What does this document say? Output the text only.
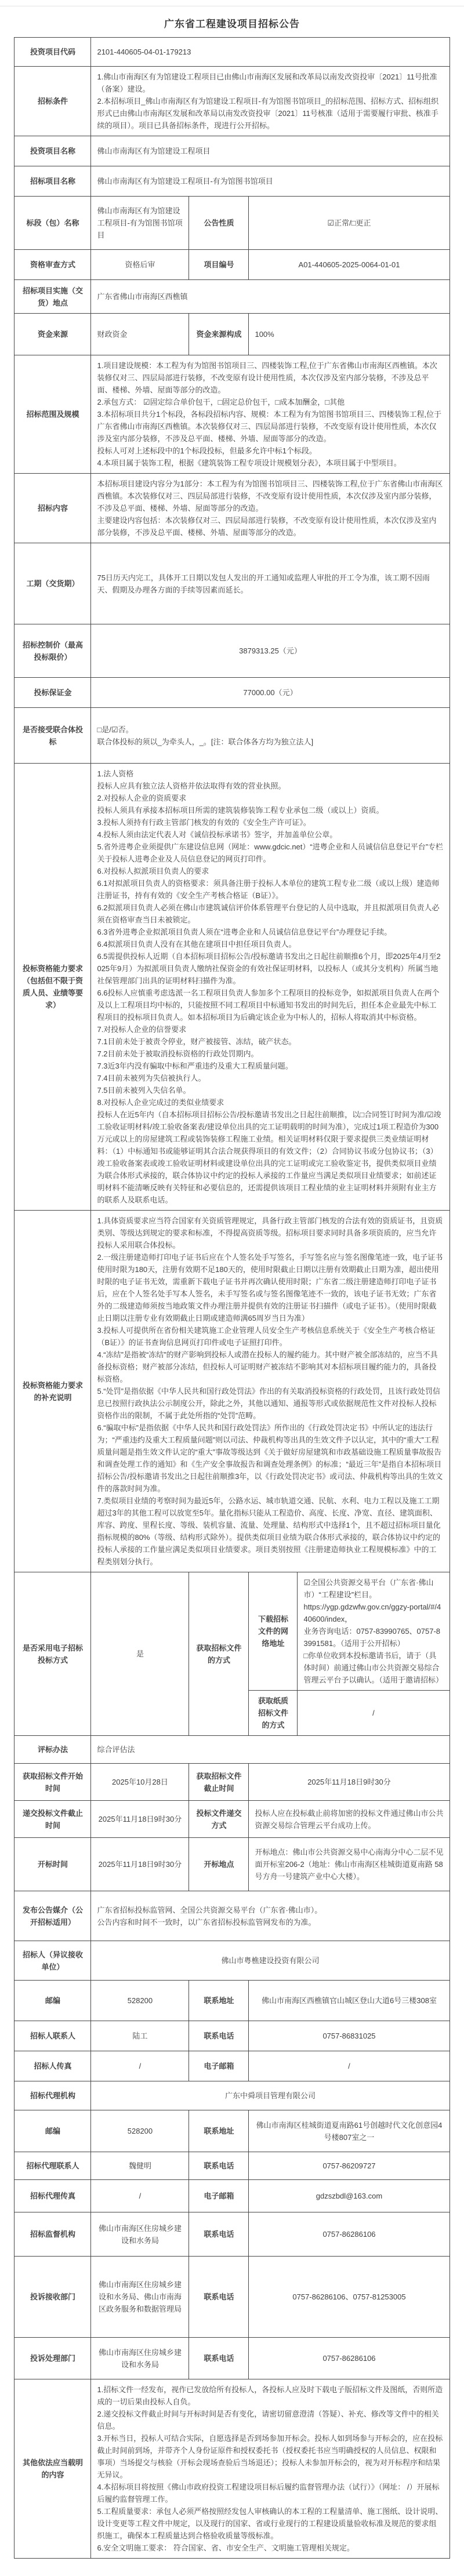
广东省工程建设项目招标公告
投资项目代码	2101-440605-04-01-179213			

招标条件	1.佛山市南海区有为馆建设工程项目已由佛山市南海区发展和改革局以南发改资投审〔2021〕11号批准（备案）建设。
2.本招标项目_佛山市南海区有为馆建设工程项目-有为馆图书馆项目_的招标范围、招标方式、招标组织形式已由佛山市南海区发展和改革局以南发改资投审〔2021〕11号核准（适用于需要履行审批、核准手续的项目）。项目已具备招标条件，现进行公开招标。			

投资项目名称	佛山市南海区有为馆建设工程项目			

招标项目名称	佛山市南海区有为馆建设工程项目-有为馆图书馆项目			

标段（包）名称	佛山市南海区有为馆建设工程项目-有为馆图书馆项目	公告性质	☑正常/□更正	

资格审查方式	资格后审	项目编号	A01-440605-2025-0064-01-01	

招标项目实施（交货）地点	广东省佛山市南海区西樵镇			

资金来源	财政资金	资金来源构成	100%	

招标范围及规模	1.项目建设规模：本工程为有为馆图书馆项目三、四楼装饰工程,位于广东省佛山市南海区西樵镇。本次装修仅对三、四层局部进行装修，不改变原有设计使用性质，本次仅涉及室内部分装修，不涉及总平面、楼梯、外墙、屋面等部分的改造。
2.承包方式： ☑固定综合单价包干，□固定总价包干，□成本加酬金，□其他
3.本招标项目共分1个标段，各标段招标内容、规模：本工程为有为馆图书馆项目三、四楼装饰工程,位于广东省佛山市南海区西樵镇。本次装修仅对三、四层局部进行装修，不改变原有设计使用性质，本次仅涉及室内部分装修，不涉及总平面、楼梯、外墙、屋面等部分的改造。
投标人可对上述标段中的1个标段投标，但最多允许中标1个标段。
4.本项目属于装饰工程，根据《建筑装饰工程专项设计规模划分表》，本项目属于中型项目。			

招标内容	本招标项目建设内容分为1部分：本工程为有为馆图书馆项目三、四楼装饰工程,位于广东省佛山市南海区西樵镇。本次装修仅对三、四层局部进行装修，不改变原有设计使用性质，本次仅涉及室内部分装修，不涉及总平面、楼梯、外墙、屋面等部分的改造。
主要建设内容包括：本次装修仅对三、四层局部进行装修，不改变原有设计使用性质，本次仅涉及室内部分装修，不涉及总平面、楼梯、外墙、屋面等部分的改造。			

工期（交货期）	75日历天内完工，具体开工日期以发包人发出的开工通知或监理人审批的开工令为准，该工期不因雨天、假期及办理各方面的手续等因素而延长。			

招标控制价（最高投标限价）	3879313.25（元）			

投标保证金	77000.00（元）			

是否接受联合体投标	□是/☑否。
联合体投标的须以_为牵头人，_。[注：联合体各方均为独立法人]			

投标资格能力要求（包括但不限于资质人员、业绩等要求）

1.法人资格
投标人应具有独立法人资格并依法取得有效的营业执照。
2.对投标人企业的资质要求
投标人须具有承接本招标项目所需的建筑装修装饰工程专业承包二级（或以上）资质。
3.投标人须持有行政主管部门核发的有效的《安全生产许可证》。
4.投标人须由法定代表人对《诚信投标承诺书》签字，并加盖单位公章。
5.省外进粤企业须提供广东建设信息网（网址：www.gdcic.net）“进粤企业和人员诚信信息登记平台”专栏关于投标人进粤企业及人员信息登记的网页打印件。
6.对投标人拟派项目负责人的要求
6.1对拟派项目负责人的资格要求：须具备注册于投标人本单位的建筑工程专业二级（或以上级）建造师注册证书，持有有效的《安全生产考核合格证（B证）》。
6.2拟派项目负责人必须在佛山市建筑诚信评价体系管理平台登记的人员中选取，并且拟派项目负责人必须在资格审查当日未被锁定。
6.3省外进粤企业拟派项目负责人须在“进粤企业和人员诚信信息登记平台”办理登记手续。
6.4拟派项目负责人没有在其他在建项目中担任项目负责人。
6.5需提供投标人近期（自本招标项目招标公告/投标邀请书发出之日起往前顺推6个月，即2025年4月至2025年9月）为拟派项目负责人缴纳社保资金的有效社保证明材料，以投标人（或其分支机构）所属当地社保管理部门出具的证明材料扫描件为准。
6.6投标人应慎重考虑选派一名工程项目负责人参加多个工程项目的投标竞争，如拟派项目负责人在两个及以上工程项目均中标的，只能按照不同工程项目中标通知书发出的时间先后，担任本企业最先中标工程项目的投标项目负责人。如本招标项目为后确定该企业为中标人的，招标人将取消其中标资格。
7.对投标人企业的信誉要求
7.1目前未处于被责令停业，财产被接管、冻结，破产状态。
7.2目前未处于被取消投标资格的行政处罚期内。
7.3近3年内没有骗取中标和严重违约及重大工程质量问题。
7.4目前未被列为失信被执行人。
7.5目前未被列入失信名单。
8.对投标人企业完成过的类似业绩要求
投标人在近5年内（自本招标项目招标公告/投标邀请书发出之日起往前顺推，以□合同签订时间为准/☑竣工验收证明材料/竣工验收备案表/建设单位出具的完工证明载明的时间为准），完成过1项工程造价为300万元或以上的房屋建筑工程或装饰装修工程施工业绩。相关证明材料仅限于要求提供三类业绩证明材料：（1）中标通知书或能够证明其合法合规获得项目的有效文件；（2）合同协议书或分包协议书；（3）竣工验收备案表或竣工验收证明材料或建设单位出具的完工证明或完工验收鉴定书，提供类似项目业绩为联合体形式承接的，联合体协议中约定的投标人承接的工作量应当满足类似项目业绩要求；如前述证明材料不能清晰反映有关特征和必要信息的，还需提供该项目工程业绩的业主证明材料并须附有业主方的联系人及联系电话。

投标资格能力要求的补充说明

1.具体资质要求应当符合国家有关资质管理规定，具备行政主管部门核发的合法有效的资质证书，且资质类别、等级达到规定的要求和标准，不得提高资质等级。招标项目要求同时具备多项资质的，应当允许投标人采用联合体投标。
2.一级注册建造师打印电子证书后应在个人签名处手写签名，手写签名应与签名图像笔迹一致，电子证书使用时限为180天，注册有效期不足180天的，使用时限截止日期以注册有效期截止日期为准，超出使用时限的电子证书无效，需重新下载电子证书并再次确认使用时限；广东省二级注册建造师打印电子证书后，应在个人签名处手写本人签名，未手写签名或与签名图像笔迹不一致的，该电子证书无效；广东省外的二级建造师须按当地政策文件办理注册并提供有效的注册证书扫描件（或电子证书）。（使用时限截止日期以注册专业有效期截止日期或建造师满65周岁当日为准）
3.投标人可提供所在省份相关建筑施工企业管理人员安全生产考核信息系统关于《安全生产考核合格证（B证）》的证书查询信息网页打印件或电子证照打印件。
4.“冻结”是指被“冻结”的财产影响到投标人或潜在投标人的履约能力。其中财产被全部冻结的，应当不具备投标资格；财产被部分冻结，但投标人可证明财产被冻结不影响其对本招标项目履约能力的，具备投标资格。
5.“处罚”是指依据《中华人民共和国行政处罚法》作出的有关取消投标资格的行政处罚，且该行政处罚信息已按照行政执法公示制度公开，除此之外，其他以通知、通报等形式或依据规范性文件对投标人投标资格作出的限制，不属于此处所指的“处罚”范畴。
6.“骗取中标”是指依据《中华人民共和国行政处罚法》所作出的《行政处罚决定书》中所认定的违法行为；“严重违约及重大工程质量问题”则以司法、仲裁机构等出具的生效文件予以认定，其中的“重大”工程质量问题是指生效文件认定的“重大”事故等级达到《关于做好房屋建筑和市政基础设施工程质量事故报告和调查处理工作的通知》和《生产安全事故报告和调查处理条例》的标准；“最近三年”是指自本招标项目招标公告/投标邀请书发出之日起往前顺推3年，以《行政处罚决定书》或司法、仲裁机构等出具的生效文件的落款时间为准。
7.类似项目业绩的考察时间为最近5年，公路水运、城市轨道交通、民航、水利、电力工程以及施工工期超过3年的其他工程可以放宽至5年。量化指标只能从工程造价、高度、长度、净宽、直径、建筑面积、库容、跨度、里程长度、等级、装机容量、流量、处理量、结构形式中选择1个，且不超过招标项目量化指标规模的80%（等级、结构形式除外）。提供类似项目业绩为联合体形式承接的，联合体协议中约定的投标人承接的工作量应满足类似项目业绩要求。项目类别按照《注册建造师执业工程规模标准》中的工程类别划分执行。

是否采用电子招标投标方式	是	获取招标文件的方式	下载招标文件的网络地址	☑全国公共资源交易平台（广东省·佛山市）“工程建设”栏目。
https://ygp.gdzwfw.gov.cn/ggzy-portal/#/440600/index，
业务咨询电话：0757-83990765、0757-83991581。（适用于公开招标）
□你单位收到本投标邀请书后，请于（具体时间）前通过佛山市公共资源交易综合管理云平台予以确认。（适用于邀请招标）

			获取纸质招标文件的方式	/

评标办法	综合评估法			

获取招标文件开始时间	2025年10月28日	获取招标文件截止时间	2025年11月18日9时30分	

递交投标文件截止时间	2025年11月18日9时30分	投标文件递交方式	投标人应在投标截止前将加密的投标文件通过佛山市公共资源交易综合管理云平台成功上传。	

开标时间	2025年11月18日9时30分	开标地点	开标地点：佛山市公共资源交易中心南海分中心二层不见面开标室206-2（地址：佛山市南海区桂城街道夏南路 58 号方舟一号建筑产业中心大楼）。	

发布公告媒介（公开招标适用）	广东省招标投标监管网、全国公共资源交易平台（广东省·佛山市）。
公告内容和时间不一致时，以广东省招标投标监管网发布的为准。			

招标人（异议接收单位）	佛山市粤樵建设投资有限公司			

邮编	528200	联系地址	佛山市南海区西樵镇官山城区登山大道6号三楼308室	

招标人联系人	陆工	联系电话	0757-86831025	

招标人传真	/	电子邮箱	/	

招标代理机构	广东中舜项目管理有限公司			

邮编	528200	联系地址	佛山市南海区桂城街道夏南路61号创越时代文化创意园4号楼807室之一	

招标代理联系人	魏健明	联系电话	0757-86209727	

招标代理传真	/	电子邮箱	gdzszbdl@163.com	

招标监督机构	佛山市南海区住房城乡建设和水务局	联系电话	0757-86286106	

投诉接收部门	佛山市南海区住房城乡建设和水务局、佛山市南海区政务服务和数据管理局	联系电话	0757-86286106、0757-81253005	

投诉处理部门	佛山市南海区住房城乡建设和水务局	联系电话	0757-86286106	

其他依法应当载明的内容

1.招标文件一经发布，视作已发放给所有投标人，各投标人应及时下载电子版招标文件及图纸，否则所造成的一切后果由投标人自负。
2.递交投标文件截止时间与开标时间是否有变化，请密切留意澄清（答疑）、补充、修改等文件中的相关信息。
3.开标当日，投标人可结合实际，自愿选择是否到场参加开标会。投标人如到场参与开标会的，应在投标截止时间前到场，并带齐个人身份证原件和授权委托书（授权委托书应当明确授权的人员信息、权限和事项）当场提交与核验（开标会现场查验后当场退还）；投标人未参加开标会的，视为对开标程序和结果无异议。
4.本招标项目将按照《佛山市政府投资工程建设项目标后履约监督管理办法（试行）》（网址： /）开展标后履约监督管理工作。
5.工程质量要求：承包人必须严格按照经发包人审核确认的本工程的工程量清单、施工图纸、设计说明、设计变更等工程文件中规定，以及现行的国家、省或行业现行的工程建设质量验收标准及规范的要求组织施工，确保本工程质量达到合格验收质量等级标准。
6.安全文明施工要求： 符合国家、省、市安全生产、文明施工管理相关规定。
